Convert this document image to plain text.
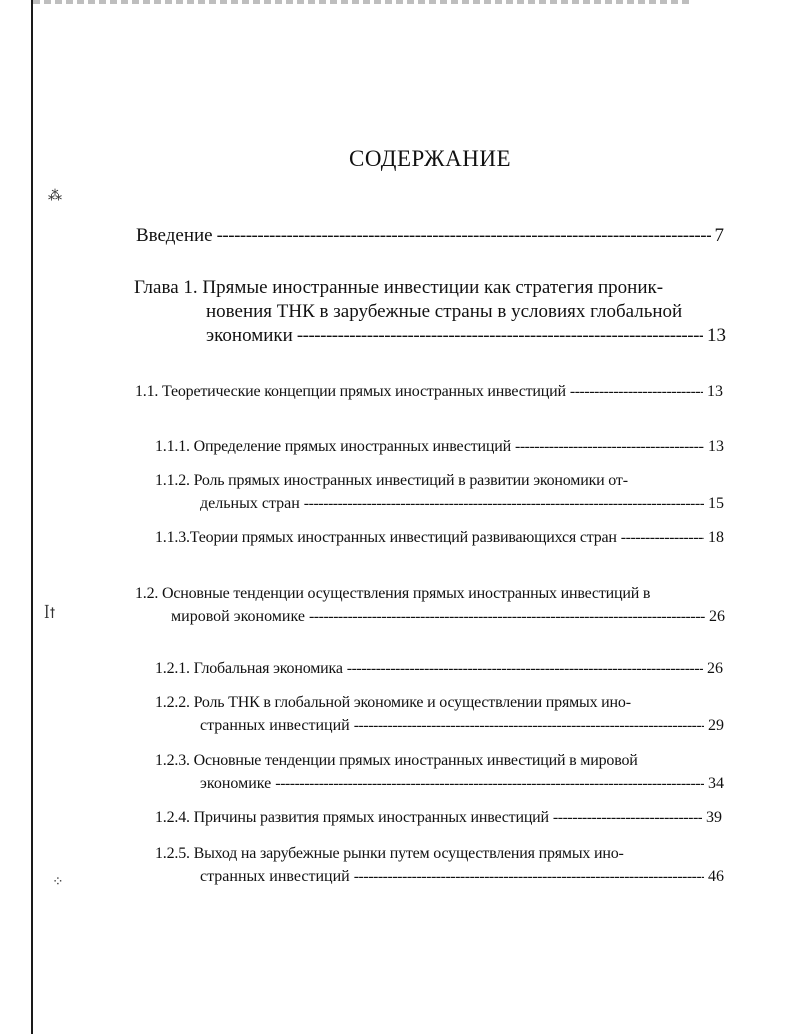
⁂
ꟾꝉ
⁘
СОДЕРЖАНИЕ
Введение -----	7
Глава 1. Прямые иностранные инвестиции как стратегия проник-
новения ТНК в зарубежные страны в условиях глобальной
экономики -----	13
1.1. Теоретические концепции прямых иностранных инвестиций -----	13
1.1.1. Определение прямых иностранных инвестиций -----	13
1.1.2. Роль прямых иностранных инвестиций в развитии экономики от-
дельных стран -----	15
1.1.3.Теории прямых иностранных инвестиций развивающихся стран -----	18
1.2. Основные тенденции осуществления прямых иностранных инвестиций в
мировой экономике -----	26
1.2.1. Глобальная экономика -----	26
1.2.2. Роль ТНК в глобальной экономике и осуществлении прямых ино-
странных инвестиций -----	29
1.2.3. Основные тенденции прямых иностранных инвестиций в мировой
экономике -----	34
1.2.4. Причины развития прямых иностранных инвестиций -----	39
1.2.5. Выход на зарубежные рынки путем осуществления прямых ино-
странных инвестиций -----	46
